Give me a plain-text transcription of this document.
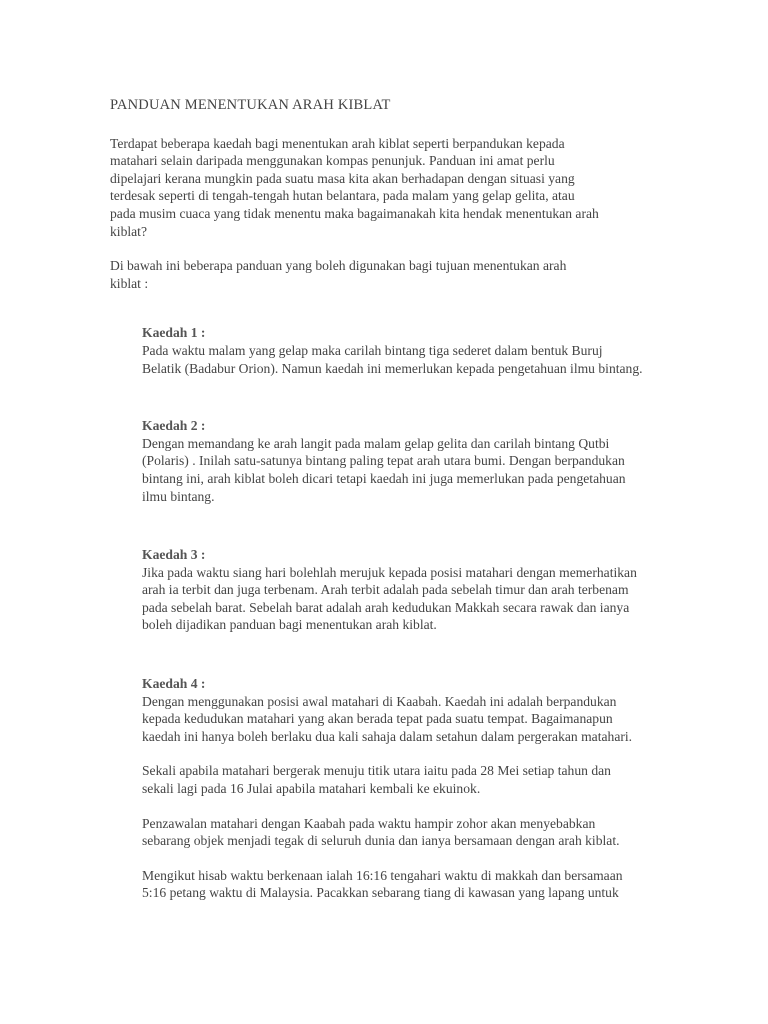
PANDUAN MENENTUKAN ARAH KIBLAT

Terdapat beberapa kaedah bagi menentukan arah kiblat seperti berpandukan kepada
matahari selain daripada menggunakan kompas penunjuk. Panduan ini amat perlu
dipelajari kerana mungkin pada suatu masa kita akan berhadapan dengan situasi yang
terdesak seperti di tengah-tengah hutan belantara, pada malam yang gelap gelita, atau
pada musim cuaca yang tidak menentu maka bagaimanakah kita hendak menentukan arah
kiblat?

Di bawah ini beberapa panduan yang boleh digunakan bagi tujuan menentukan arah
kiblat :

Kaedah 1 :

Pada waktu malam yang gelap maka carilah bintang tiga sederet dalam bentuk Buruj
Belatik (Badabur Orion). Namun kaedah ini memerlukan kepada pengetahuan ilmu bintang.

Kaedah 2 :

Dengan memandang ke arah langit pada malam gelap gelita dan carilah bintang Qutbi
(Polaris) . Inilah satu-satunya bintang paling tepat arah utara bumi. Dengan berpandukan
bintang ini, arah kiblat boleh dicari tetapi kaedah ini juga memerlukan pada pengetahuan
ilmu bintang.

Kaedah 3 :

Jika pada waktu siang hari bolehlah merujuk kepada posisi matahari dengan memerhatikan
arah ia terbit dan juga terbenam. Arah terbit adalah pada sebelah timur dan arah terbenam
pada sebelah barat. Sebelah barat adalah arah kedudukan Makkah secara rawak dan ianya
boleh dijadikan panduan bagi menentukan arah kiblat.

Kaedah 4 :

Dengan menggunakan posisi awal matahari di Kaabah. Kaedah ini adalah berpandukan
kepada kedudukan matahari yang akan berada tepat pada suatu tempat. Bagaimanapun
kaedah ini hanya boleh berlaku dua kali sahaja dalam setahun dalam pergerakan matahari.

Sekali apabila matahari bergerak menuju titik utara iaitu pada 28 Mei setiap tahun dan
sekali lagi pada 16 Julai apabila matahari kembali ke ekuinok.

Penzawalan matahari dengan Kaabah pada waktu hampir zohor akan menyebabkan
sebarang objek menjadi tegak di seluruh dunia dan ianya bersamaan dengan arah kiblat.

Mengikut hisab waktu berkenaan ialah 16:16 tengahari waktu di makkah dan bersamaan
5:16 petang waktu di Malaysia. Pacakkan sebarang tiang di kawasan yang lapang untuk
